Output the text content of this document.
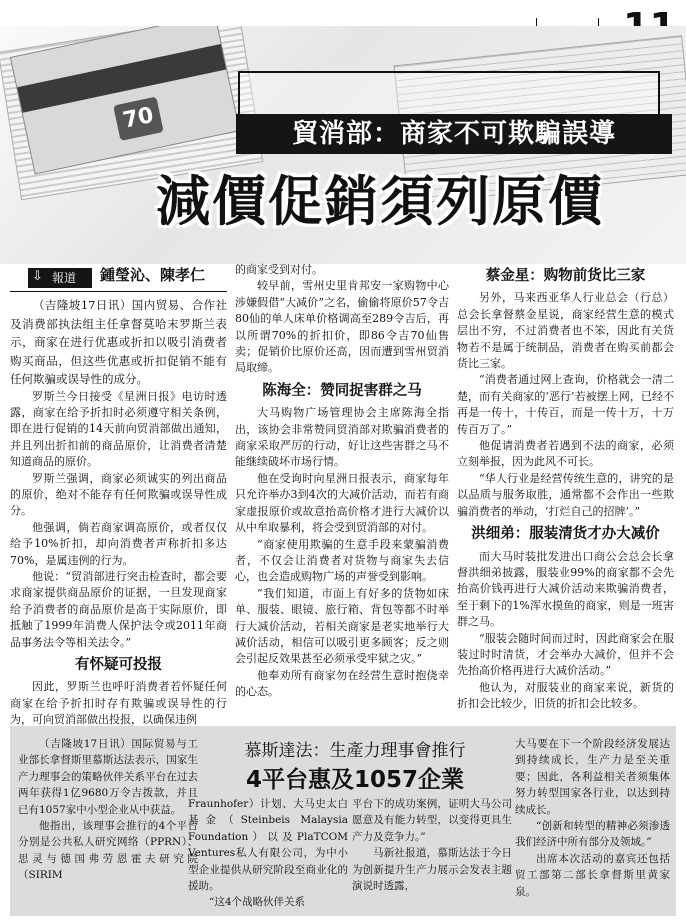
70
貿消部：商家不可欺騙誤導
減價促銷須列原價
⇩ 報道 鍾瑩沁、陳孝仁

（吉隆坡17日讯）国内贸易、合作社及消费部执法组主任拿督莫哈末罗斯兰表示，商家在进行优惠或折扣以吸引消费者购买商品，但这些优惠或折扣促销不能有任何欺骗或误导性的成分。

罗斯兰今日接受《星洲日报》电访时透露，商家在给予折扣时必须遵守相关条例，即在进行促销的14天前向贸消部做出通知，并且列出折扣前的商品原价，让消费者清楚知道商品的原价。

罗斯兰强调，商家必须诚实的列出商品的原价，绝对不能存有任何欺骗或误导性成分。

他强调，倘若商家调高原价，或者仅仅给予10%折扣，却向消费者声称折扣多达70%，是属违例的行为。

他说：“贸消部进行突击检查时，都会要求商家提供商品原价的证据，一旦发现商家给予消费者的商品原价是高于实际原价，即抵触了1999年消费人保护法令或2011年商品事务法令等相关法令。”

有怀疑可投报

因此，罗斯兰也呼吁消费者若怀疑任何商家在给予折扣时存有欺骗或误导性的行为，可向贸消部做出投报，以确保违例

的商家受到对付。

较早前，雪州史里肯邦安一家购物中心涉嫌假借“大减价”之名，偷偷将原价57令吉80仙的单人床单价格调高至289令吉后，再以所谓70%的折扣价，即86令吉70仙售卖；促销价比原价还高，因而遭到雪州贸消局取缔。

陈海全：赞同捉害群之马

大马购物广场管理协会主席陈海全指出，该协会非常赞同贸消部对欺骗消费者的商家采取严厉的行动，好让这些害群之马不能继续破坏市场行情。

他在受询时向星洲日报表示，商家每年只允许举办3到4次的大减价活动，而若有商家虚报原价或故意抬高价格才进行大减价以从中牟取暴利，将会受到贸消部的对付。

“商家使用欺骗的生意手段来蒙骗消费者，不仅会让消费者对货物与商家失去信心，也会造成购物广场的声誉受到影响。

“我们知道，市面上有好多的货物如床单、服装、眼镜、旅行箱、背包等都不时举行大减价活动，若相关商家是老实地举行大减价活动，相信可以吸引更多顾客；反之则会引起反效果甚至必须承受牢狱之灾。”

他奉劝所有商家勿在经营生意时抱侥幸的心态。

蔡金星：购物前货比三家

另外，马来西亚华人行业总会（行总）总会长拿督蔡金星说，商家经营生意的模式层出不穷，不过消费者也不笨，因此有关货物若不是属于统制品，消费者在购买前都会货比三家。

“消费者通过网上查询，价格就会一清二楚，而有关商家的‘恶行’若被摆上网，已经不再是一传十，十传百，而是一传十万，十万传百万了。”

他促请消费者若遇到不法的商家，必须立刻举报，因为此风不可长。

“华人行业是经营传统生意的，讲究的是以品质与服务取胜，通常都不会作出一些欺骗消费者的举动，‘打烂自己的招牌’。”

洪细弟：服装清货才办大减价

而大马时装批发进出口商公会总会长拿督洪细弟披露，服装业99%的商家都不会先抬高价钱再进行大减价活动来欺骗消费者，至于剩下的1%浑水摸鱼的商家，则是一班害群之马。

“服装会随时间而过时，因此商家会在服装过时时清货，才会举办大减价，但并不会先抬高价格再进行大减价活动。”

他认为，对服装业的商家来说，新货的折扣会比较少，旧货的折扣会比较多。

慕斯達法：生產力理事會推行
4平台惠及1057企業

（吉隆坡17日讯）国际贸易与工业部长拿督斯里慕斯达法表示，国家生产力理事会的策略伙伴关系平台在过去两年获得1亿9680万令吉拨款，并且已有1057家中小型企业从中获益。

他指出，该理事会推行的4个平台分别是公共私人研究网络（PPRN）、思灵与德国弗劳恩霍夫研究院（SIRIM

Fraunhofer）计划、大马史太白基金（Steinbeis Malaysia Foundation）以及PlaTCOM Ventures私人有限公司，为中小型企业提供从研究阶段至商业化的援助。

“这4个战略伙伴关系

平台下的成功案例，证明大马公司愿意及有能力转型，以变得更具生产力及竞争力。”

马新社报道，慕斯达法于今日为创新提升生产力展示会发表主题演说时透露，

大马要在下一个阶段经济发展达到持续成长，生产力是至关重要；因此，各利益相关者须集体努力转型国家各行业，以达到持续成长。

“创新和转型的精神必须渗透我们经济中所有部分及领域。”

出席本次活动的嘉宾还包括贸工部第二部长拿督斯里黄家泉。
